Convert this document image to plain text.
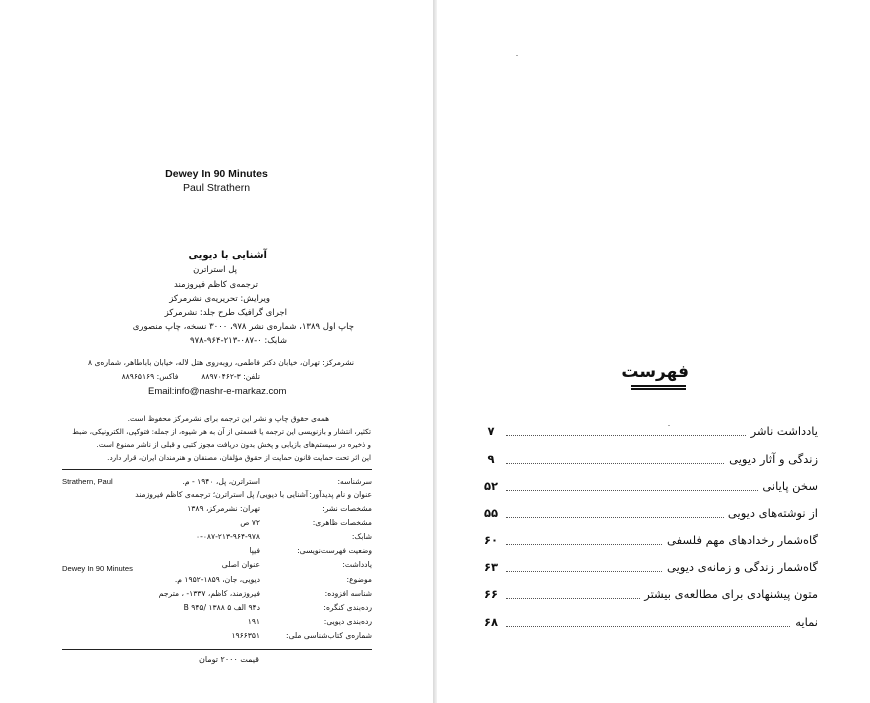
Dewey In 90 Minutes
Paul Strathern
آشنایی با دیویی
پل استراترن
ترجمه‌ی کاظم فیروزمند
ویرایش: تحریریه‌ی نشرمرکز
اجرای گرافیک طرح جلد: نشرمرکز
چاپ اول ۱۳۸۹، شماره‌ی نشر ۹۷۸، ۳۰۰۰ نسخه، چاپ منصوری
شابک: ۰-۰۸۷-۲۱۳-۹۶۴-۹۷۸
نشرمرکز: تهران، خیابان دکتر فاطمی، روبه‌روی هتل لاله، خیابان باباطاهر، شماره‌ی ۸
تلفن: ۳-۸۸۹۷۰۴۶۲  فاکس: ۸۸۹۶۵۱۶۹
Email:info@nashr-e-markaz.com
همه‌ی حقوق چاپ و نشر این ترجمه برای نشرمرکز محفوظ است.
تکثیر، انتشار و بازنویسی این ترجمه یا قسمتی از آن به هر شیوه، از جمله: فتوکپی، الکترونیکی، ضبط
و ذخیره در سیستم‌های بازیابی و پخش بدون دریافت مجوز کتبی و قبلی از ناشر ممنوع است.
این اثر تحت حمایت قانون حمایت از حقوق مؤلفان، مصنفان و هنرمندان ایران، قرار دارد.
سرشناسه:
استراترن، پل، ۱۹۴۰ - م.
Strathern, Paul
عنوان و نام پدیدآور:
آشنایی با دیویی/ پل استراترن؛ ترجمه‌ی کاظم فیروزمند
مشخصات نشر:
تهران: نشرمرکز، ۱۳۸۹
مشخصات ظاهری:
۷۲ ص
شابک:
۰-۰۸۷-۲۱۳-۹۶۴-۹۷۸
وضعیت فهرست‌نویسی:
فیپا
یادداشت:
عنوان اصلی
Dewey In 90 Minutes
موضوع:
دیویی، جان، ۱۸۵۹-۱۹۵۲ م.
شناسه افزوده:
فیروزمند، کاظم، ۱۳۳۷- ، مترجم
رده‌بندی کنگره:
B ۹۴۵/ د۹۴ الف ۵ ۱۳۸۸
رده‌بندی دیویی:
۱۹۱
شماره‌ی کتاب‌شناسی ملی:
۱۹۶۶۳۵۱
قیمت ۲۰۰۰ تومان
فهرست
یادداشت ناشر
۷
زندگی و آثار دیویی
۹
سخن پایانی
۵۲
از نوشته‌های دیویی
۵۵
گاه‌شمار رخدادهای مهم فلسفی
۶۰
گاه‌شمار زندگی و زمانه‌ی دیویی
۶۳
متون پیشنهادی برای مطالعه‌ی بیشتر
۶۶
نمایه
۶۸
